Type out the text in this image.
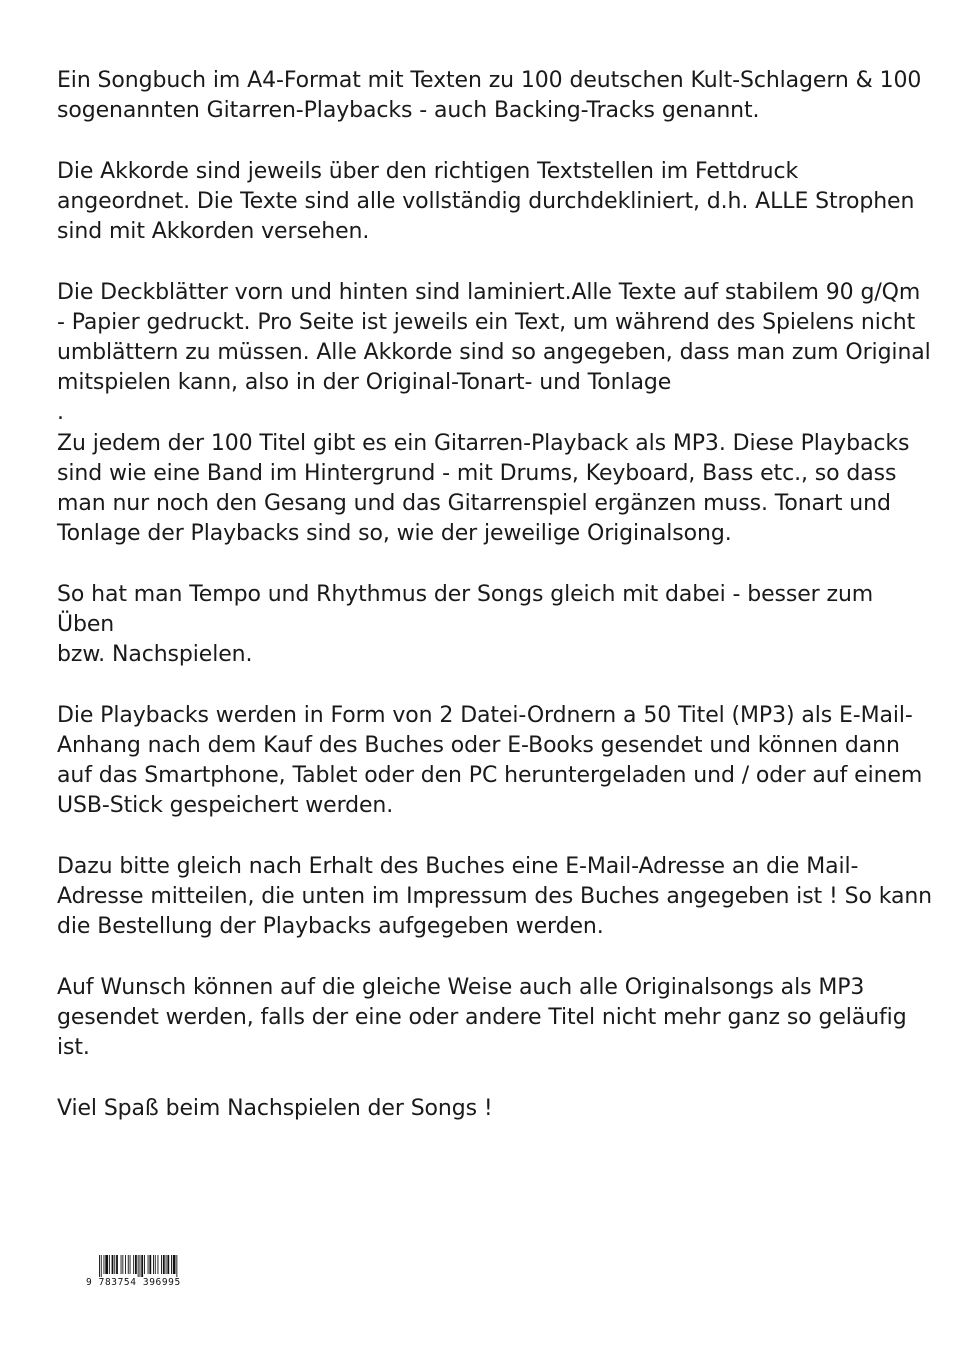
Ein Songbuch im A4-Format mit Texten zu 100 deutschen Kult-Schlagern & 100
sogenannten Gitarren-Playbacks - auch Backing-Tracks genannt.

Die Akkorde sind jeweils über den richtigen Textstellen im Fettdruck
angeordnet. Die Texte sind alle vollständig durchdekliniert, d.h. ALLE Strophen
sind mit Akkorden versehen.

Die Deckblätter vorn und hinten sind laminiert.Alle Texte auf stabilem 90 g/Qm
- Papier gedruckt. Pro Seite ist jeweils ein Text, um während des Spielens nicht
umblättern zu müssen. Alle Akkorde sind so angegeben, dass man zum Original
mitspielen kann, also in der Original-Tonart- und Tonlage
.
Zu jedem der 100 Titel gibt es ein Gitarren-Playback als MP3. Diese Playbacks
sind wie eine Band im Hintergrund - mit Drums, Keyboard, Bass etc., so dass
man nur noch den Gesang und das Gitarrenspiel ergänzen muss. Tonart und
Tonlage der Playbacks sind so, wie der jeweilige Originalsong.

So hat man Tempo und Rhythmus der Songs gleich mit dabei - besser zum Üben
bzw. Nachspielen.

Die Playbacks werden in Form von 2 Datei-Ordnern a 50 Titel (MP3) als E-Mail-
Anhang nach dem Kauf des Buches oder E-Books gesendet und können dann
auf das Smartphone, Tablet oder den PC heruntergeladen und / oder auf einem
USB-Stick gespeichert werden.

Dazu bitte gleich nach Erhalt des Buches eine E-Mail-Adresse an die Mail-
Adresse mitteilen, die unten im Impressum des Buches angegeben ist ! So kann
die Bestellung der Playbacks aufgegeben werden.

Auf Wunsch können auf die gleiche Weise auch alle Originalsongs als MP3
gesendet werden, falls der eine oder andere Titel nicht mehr ganz so geläufig
ist.

Viel Spaß beim Nachspielen der Songs !

9 783754 396995
